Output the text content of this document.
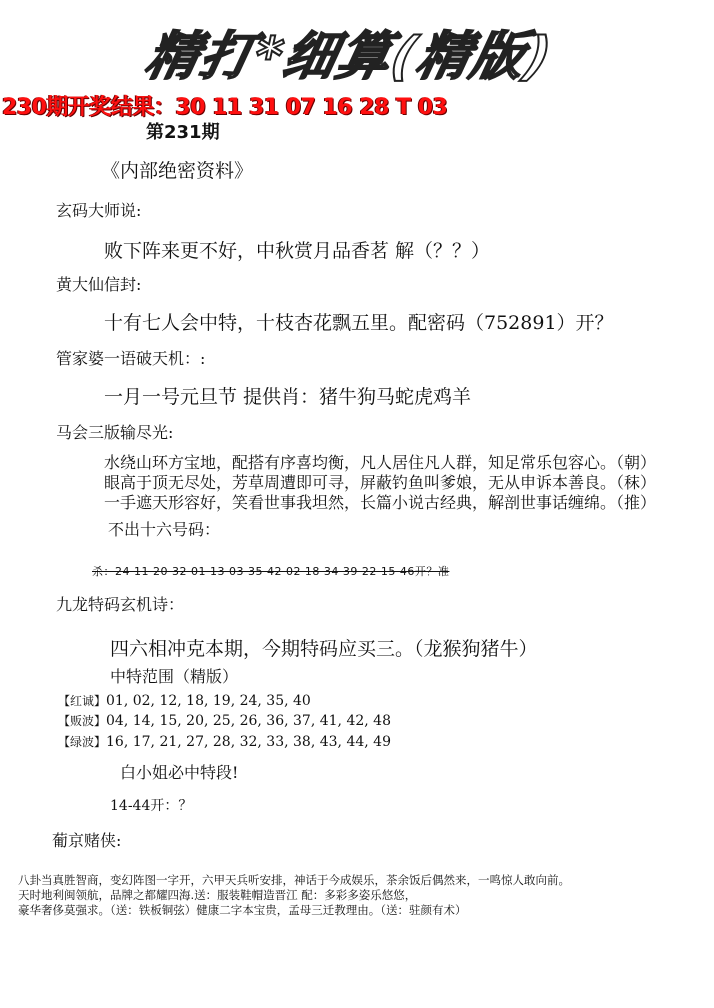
精打*细算(精版)
230期开奖结果：30 11 31 07 16 28 T 03
第231期
《内部绝密资料》
玄码大师说:
败下阵来更不好，中秋赏月品香茗 解（？？）
黄大仙信封:
十有七人会中特，十枝杏花飘五里。配密码（752891）开？
管家婆一语破天机：:
一月一号元旦节 提供肖：猪牛狗马蛇虎鸡羊
马会三版输尽光:
水绕山环方宝地，配搭有序喜均衡，凡人居住凡人群，知足常乐包容心。（朝）
眼高于顶无尽处，芳草周遭即可寻，屏蔽钓鱼叫爹娘，无从申诉本善良。（秣）
一手遮天形容好，笑看世事我坦然，长篇小说古经典，解剖世事话缠绵。（推）
不出十六号码：
杀：24 11 20 32 01 13 03 35 42 02 18 34 39 22 15 46开？准
九龙特码玄机诗：
四六相冲克本期，今期特码应买三。（龙猴狗猪牛）
中特范围（精版）
【红诚】01, 02, 12, 18, 19, 24, 35, 40
【贩波】04, 14, 15, 20, 25, 26, 36, 37, 41, 42, 48
【绿波】16, 17, 21, 27, 28, 32, 33, 38, 43, 44, 49
白小姐必中特段!
14-44开：？
葡京赌侠:
八卦当真胜智商，变幻阵图一字开，六甲天兵听安排，神话于今成娱乐，茶余饭后偶然来，一鸣惊人敢向前。
天时地利闽领航，品牌之都耀四海.送：服装鞋帽造晋江 配：多彩多姿乐悠悠，
豪华奢侈莫强求。（送：铁板铜弦）健康二字本宝贵，孟母三迁教理由。（送：驻颜有术）
